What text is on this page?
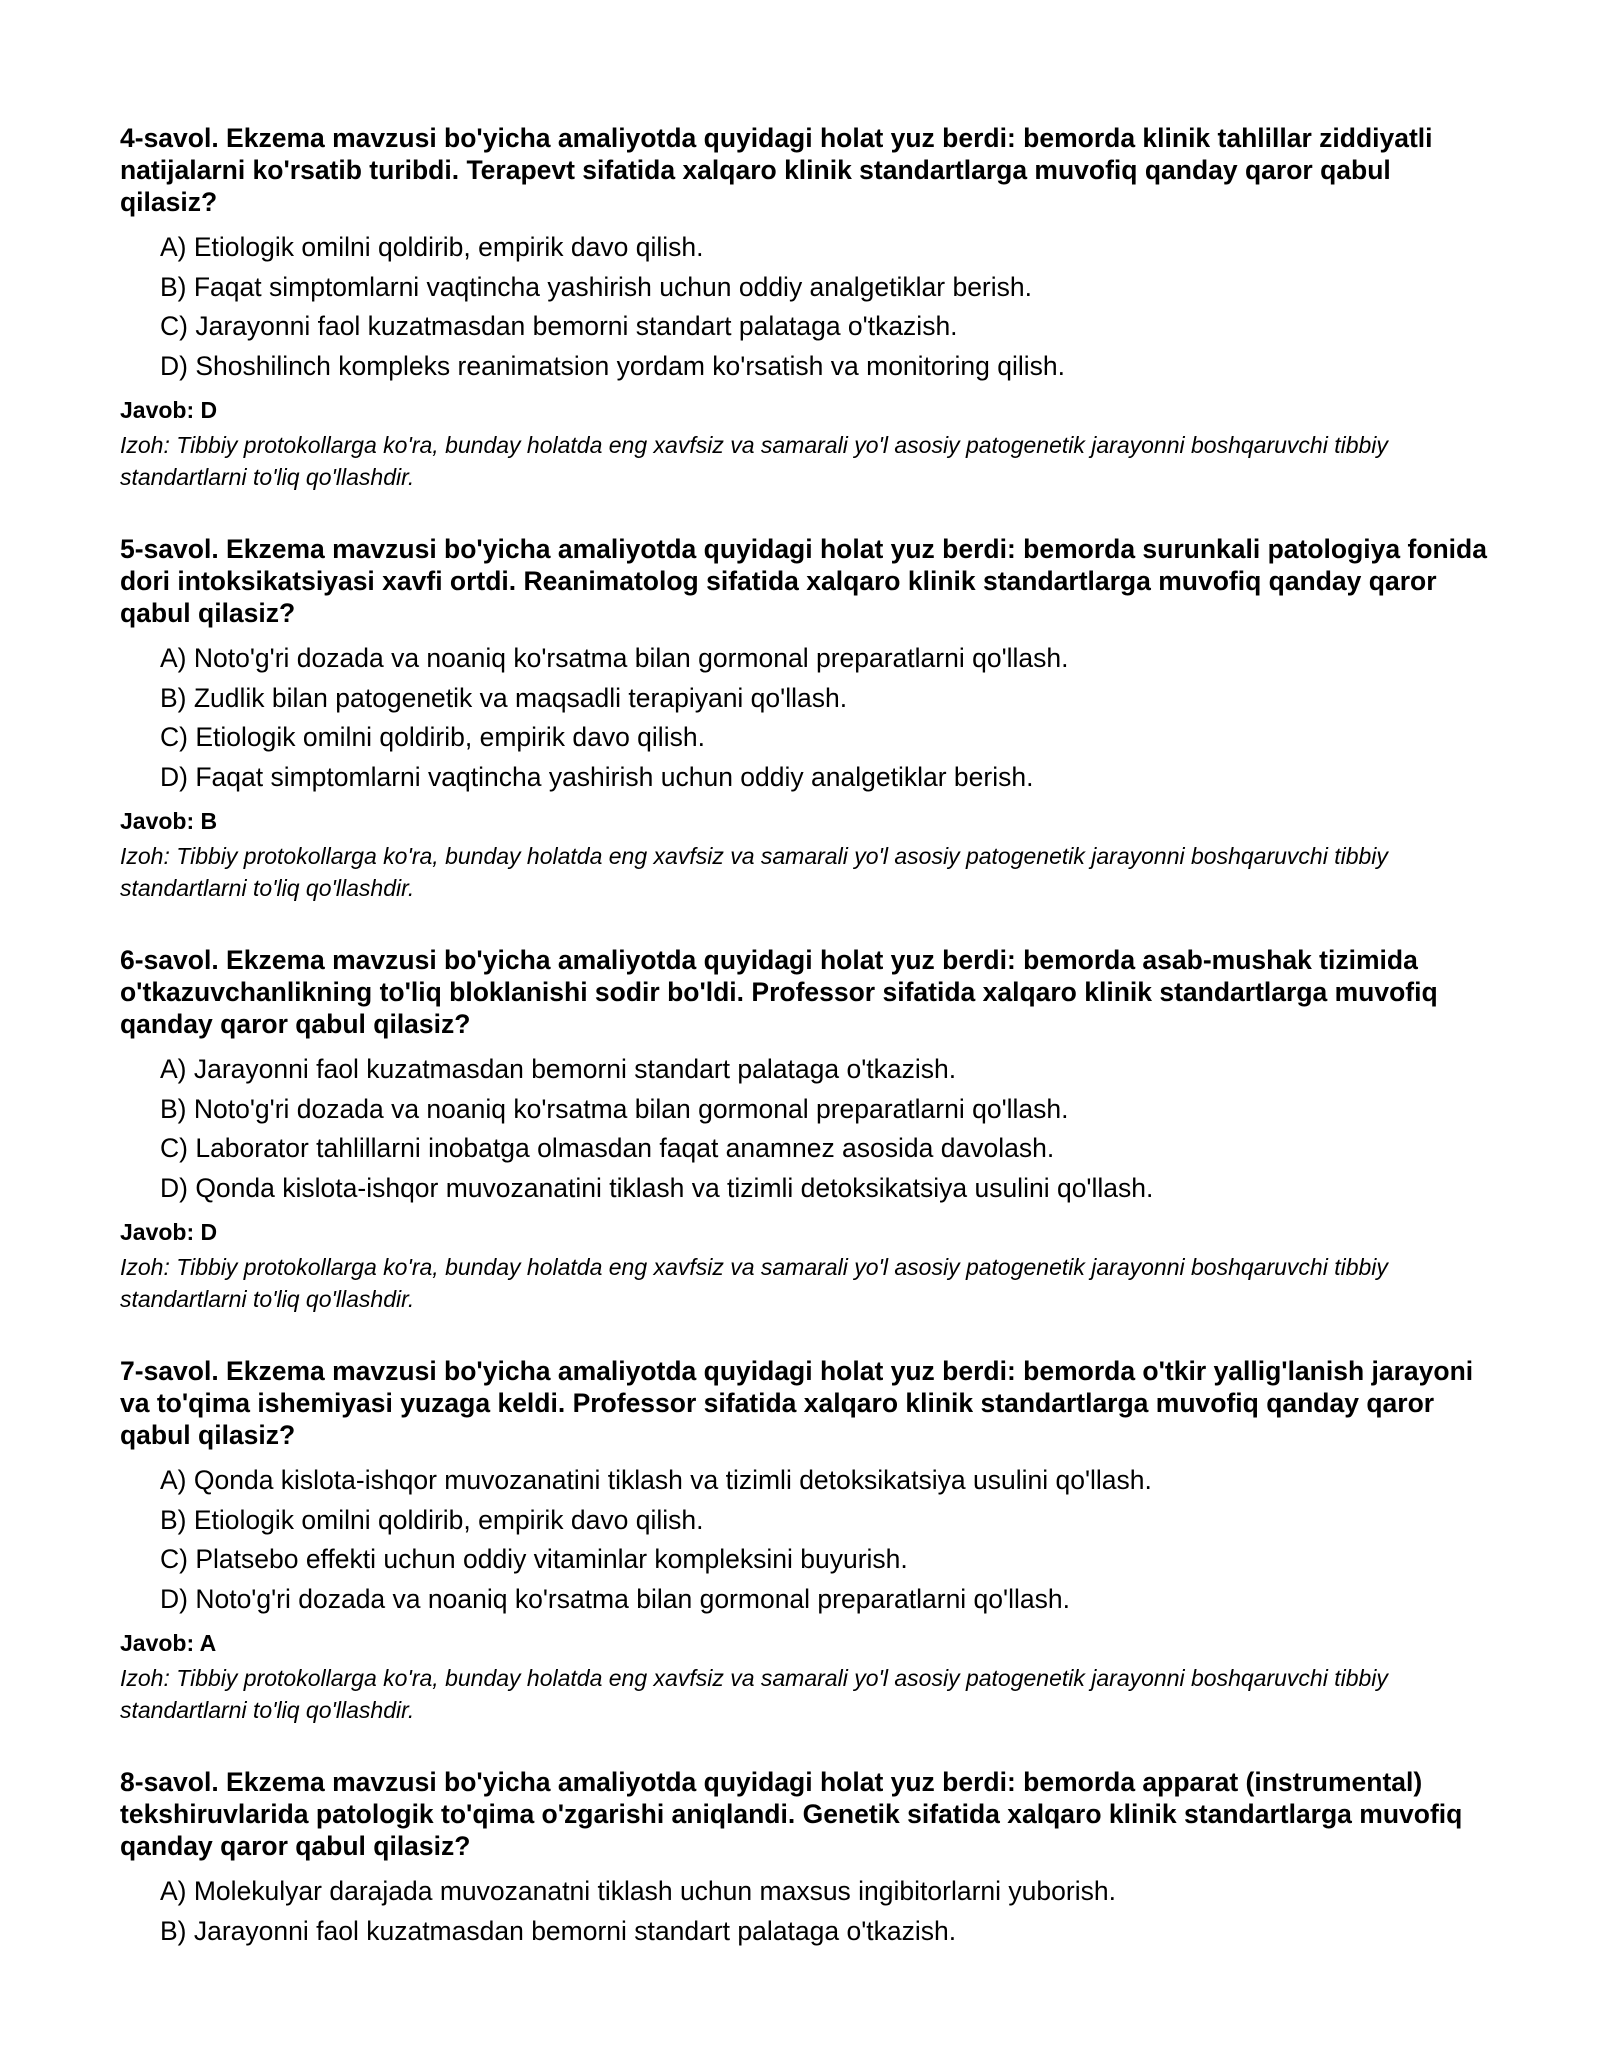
4-savol. Ekzema mavzusi bo'yicha amaliyotda quyidagi holat yuz berdi: bemorda klinik tahlillar ziddiyatli natijalarni ko'rsatib turibdi. Terapevt sifatida xalqaro klinik standartlarga muvofiq qanday qaror qabul qilasiz?
A) Etiologik omilni qoldirib, empirik davo qilish.
B) Faqat simptomlarni vaqtincha yashirish uchun oddiy analgetiklar berish.
C) Jarayonni faol kuzatmasdan bemorni standart palataga o'tkazish.
D) Shoshilinch kompleks reanimatsion yordam ko'rsatish va monitoring qilish.
Javob: D
Izoh: Tibbiy protokollarga ko'ra, bunday holatda eng xavfsiz va samarali yo'l asosiy patogenetik jarayonni boshqaruvchi tibbiy standartlarni to'liq qo'llashdir.
5-savol. Ekzema mavzusi bo'yicha amaliyotda quyidagi holat yuz berdi: bemorda surunkali patologiya fonida dori intoksikatsiyasi xavfi ortdi. Reanimatolog sifatida xalqaro klinik standartlarga muvofiq qanday qaror qabul qilasiz?
A) Noto'g'ri dozada va noaniq ko'rsatma bilan gormonal preparatlarni qo'llash.
B) Zudlik bilan patogenetik va maqsadli terapiyani qo'llash.
C) Etiologik omilni qoldirib, empirik davo qilish.
D) Faqat simptomlarni vaqtincha yashirish uchun oddiy analgetiklar berish.
Javob: B
Izoh: Tibbiy protokollarga ko'ra, bunday holatda eng xavfsiz va samarali yo'l asosiy patogenetik jarayonni boshqaruvchi tibbiy standartlarni to'liq qo'llashdir.
6-savol. Ekzema mavzusi bo'yicha amaliyotda quyidagi holat yuz berdi: bemorda asab-mushak tizimida o'tkazuvchanlikning to'liq bloklanishi sodir bo'ldi. Professor sifatida xalqaro klinik standartlarga muvofiq qanday qaror qabul qilasiz?
A) Jarayonni faol kuzatmasdan bemorni standart palataga o'tkazish.
B) Noto'g'ri dozada va noaniq ko'rsatma bilan gormonal preparatlarni qo'llash.
C) Laborator tahlillarni inobatga olmasdan faqat anamnez asosida davolash.
D) Qonda kislota-ishqor muvozanatini tiklash va tizimli detoksikatsiya usulini qo'llash.
Javob: D
Izoh: Tibbiy protokollarga ko'ra, bunday holatda eng xavfsiz va samarali yo'l asosiy patogenetik jarayonni boshqaruvchi tibbiy standartlarni to'liq qo'llashdir.
7-savol. Ekzema mavzusi bo'yicha amaliyotda quyidagi holat yuz berdi: bemorda o'tkir yallig'lanish jarayoni va to'qima ishemiyasi yuzaga keldi. Professor sifatida xalqaro klinik standartlarga muvofiq qanday qaror qabul qilasiz?
A) Qonda kislota-ishqor muvozanatini tiklash va tizimli detoksikatsiya usulini qo'llash.
B) Etiologik omilni qoldirib, empirik davo qilish.
C) Platsebo effekti uchun oddiy vitaminlar kompleksini buyurish.
D) Noto'g'ri dozada va noaniq ko'rsatma bilan gormonal preparatlarni qo'llash.
Javob: A
Izoh: Tibbiy protokollarga ko'ra, bunday holatda eng xavfsiz va samarali yo'l asosiy patogenetik jarayonni boshqaruvchi tibbiy standartlarni to'liq qo'llashdir.
8-savol. Ekzema mavzusi bo'yicha amaliyotda quyidagi holat yuz berdi: bemorda apparat (instrumental) tekshiruvlarida patologik to'qima o'zgarishi aniqlandi. Genetik sifatida xalqaro klinik standartlarga muvofiq qanday qaror qabul qilasiz?
A) Molekulyar darajada muvozanatni tiklash uchun maxsus ingibitorlarni yuborish.
B) Jarayonni faol kuzatmasdan bemorni standart palataga o'tkazish.
